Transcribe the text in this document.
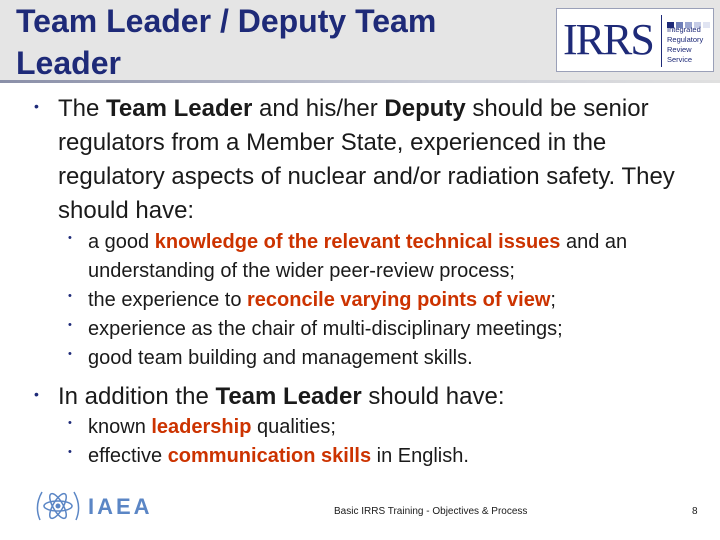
Team Leader / Deputy Team Leader	IRRS Integrated
Regulatory
Review
Service
• The Team Leader and his/her Deputy should be senior regulators from a Member State, experienced in the regulatory aspects of nuclear and/or radiation safety. They should have:

• a good knowledge of the relevant technical issues and an understanding of the wider peer-review process;

• the experience to reconcile varying points of view;

• experience as the chair of multi-disciplinary meetings;

• good team building and management skills.

• In addition the Team Leader should have:

• known leadership qualities;

• effective communication skills in English.

IAEA	Basic IRRS Training - Objectives & Process	8
